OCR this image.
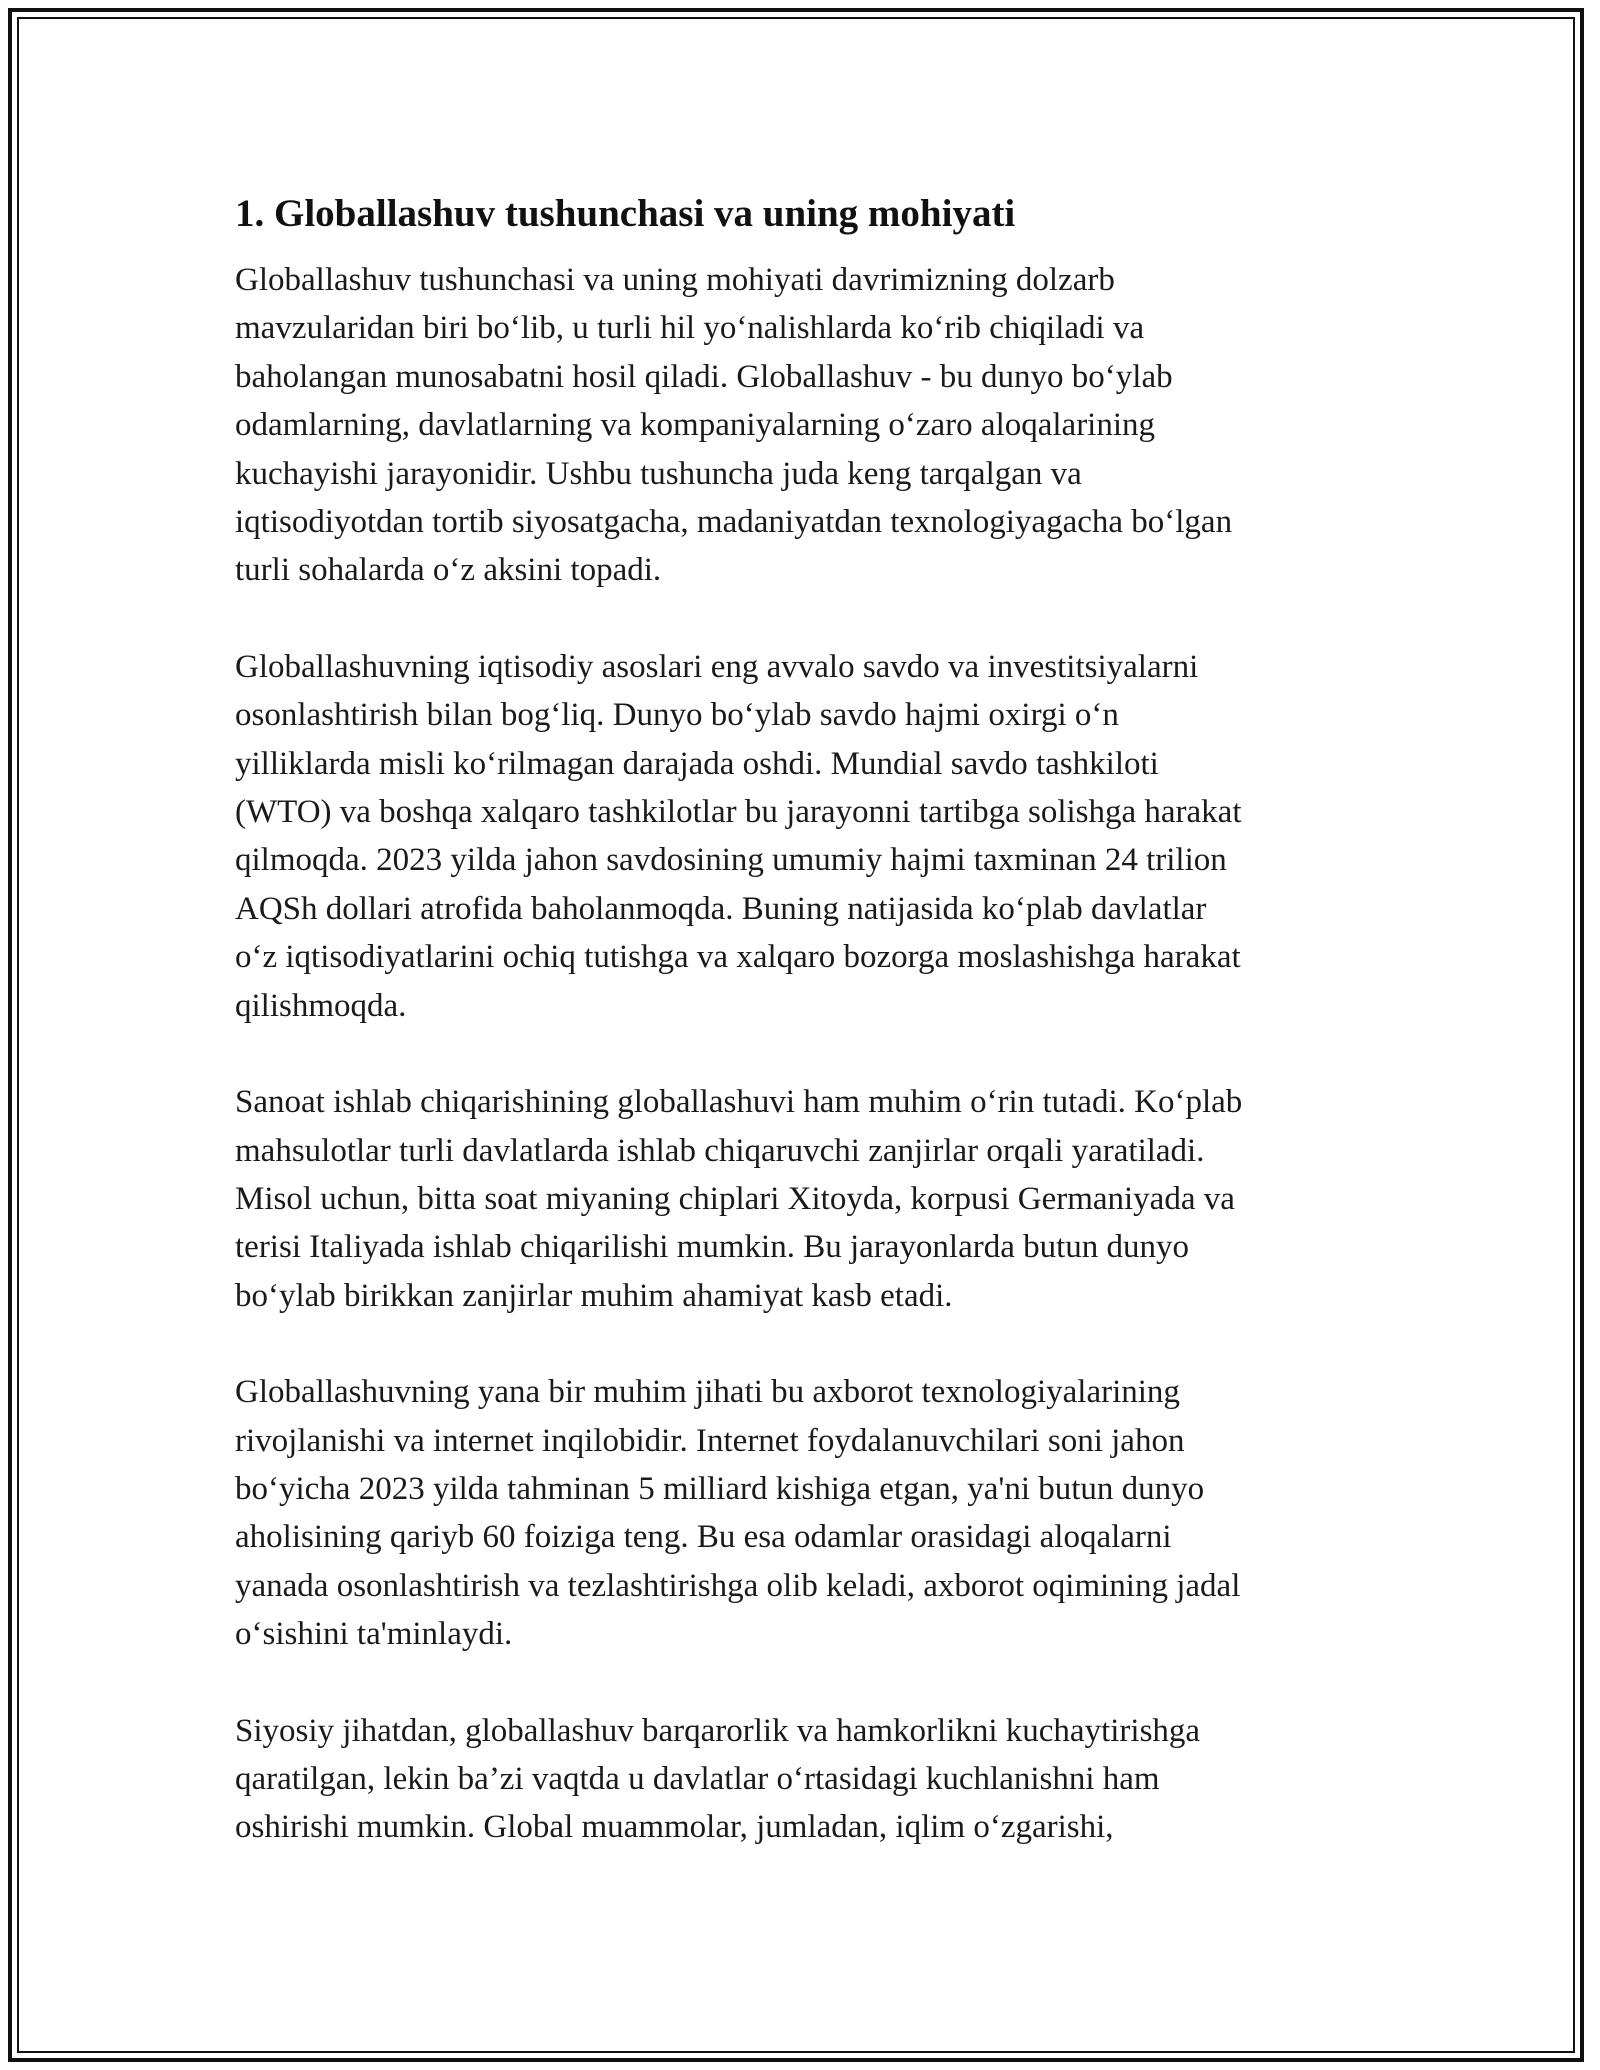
1. Globallashuv tushunchasi va uning mohiyati

Globallashuv tushunchasi va uning mohiyati davrimizning dolzarb
mavzularidan biri bo‘lib, u turli hil yo‘nalishlarda ko‘rib chiqiladi va
baholangan munosabatni hosil qiladi. Globallashuv - bu dunyo bo‘ylab
odamlarning, davlatlarning va kompaniyalarning o‘zaro aloqalarining
kuchayishi jarayonidir. Ushbu tushuncha juda keng tarqalgan va
iqtisodiyotdan tortib siyosatgacha, madaniyatdan texnologiyagacha bo‘lgan
turli sohalarda o‘z aksini topadi.

Globallashuvning iqtisodiy asoslari eng avvalo savdo va investitsiyalarni
osonlashtirish bilan bog‘liq. Dunyo bo‘ylab savdo hajmi oxirgi o‘n
yilliklarda misli ko‘rilmagan darajada oshdi. Mundial savdo tashkiloti
(WTO) va boshqa xalqaro tashkilotlar bu jarayonni tartibga solishga harakat
qilmoqda. 2023 yilda jahon savdosining umumiy hajmi taxminan 24 trilion
AQSh dollari atrofida baholanmoqda. Buning natijasida ko‘plab davlatlar
o‘z iqtisodiyatlarini ochiq tutishga va xalqaro bozorga moslashishga harakat
qilishmoqda.

Sanoat ishlab chiqarishining globallashuvi ham muhim o‘rin tutadi. Ko‘plab
mahsulotlar turli davlatlarda ishlab chiqaruvchi zanjirlar orqali yaratiladi.
Misol uchun, bitta soat miyaning chiplari Xitoyda, korpusi Germaniyada va
terisi Italiyada ishlab chiqarilishi mumkin. Bu jarayonlarda butun dunyo
bo‘ylab birikkan zanjirlar muhim ahamiyat kasb etadi.

Globallashuvning yana bir muhim jihati bu axborot texnologiyalarining
rivojlanishi va internet inqilobidir. Internet foydalanuvchilari soni jahon
bo‘yicha 2023 yilda tahminan 5 milliard kishiga etgan, ya'ni butun dunyo
aholisining qariyb 60 foiziga teng. Bu esa odamlar orasidagi aloqalarni
yanada osonlashtirish va tezlashtirishga olib keladi, axborot oqimining jadal
o‘sishini ta'minlaydi.

Siyosiy jihatdan, globallashuv barqarorlik va hamkorlikni kuchaytirishga
qaratilgan, lekin ba’zi vaqtda u davlatlar o‘rtasidagi kuchlanishni ham
oshirishi mumkin. Global muammolar, jumladan, iqlim o‘zgarishi,
